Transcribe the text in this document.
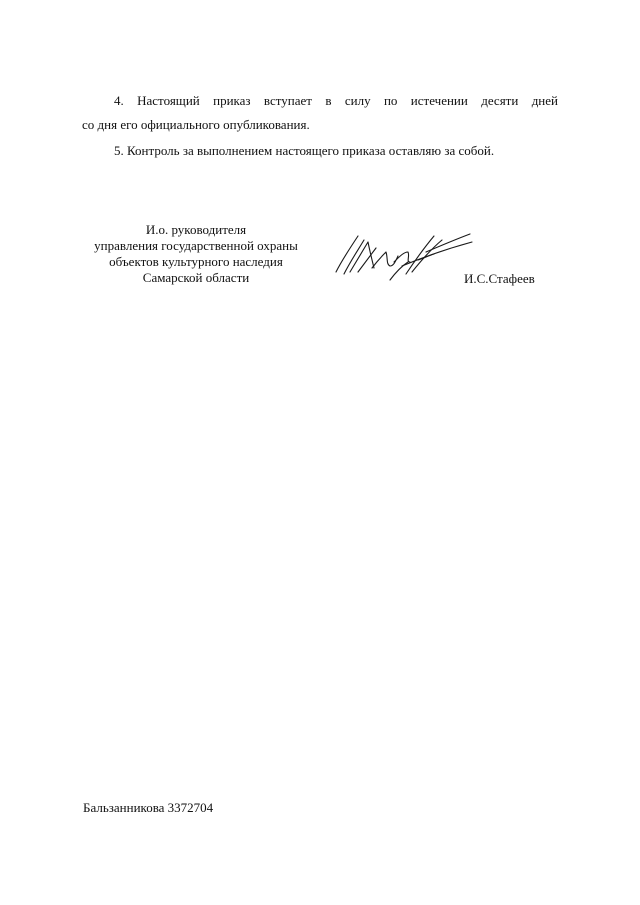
4. Настоящий приказ вступает в силу по истечении десяти дней

со дня его официального опубликования.

5. Контроль за выполнением настоящего приказа оставляю за собой.

И.о. руководителя
управления государственной охраны
объектов культурного наследия
Самарской области	И.С.Стафеев
Бальзанникова 3372704
